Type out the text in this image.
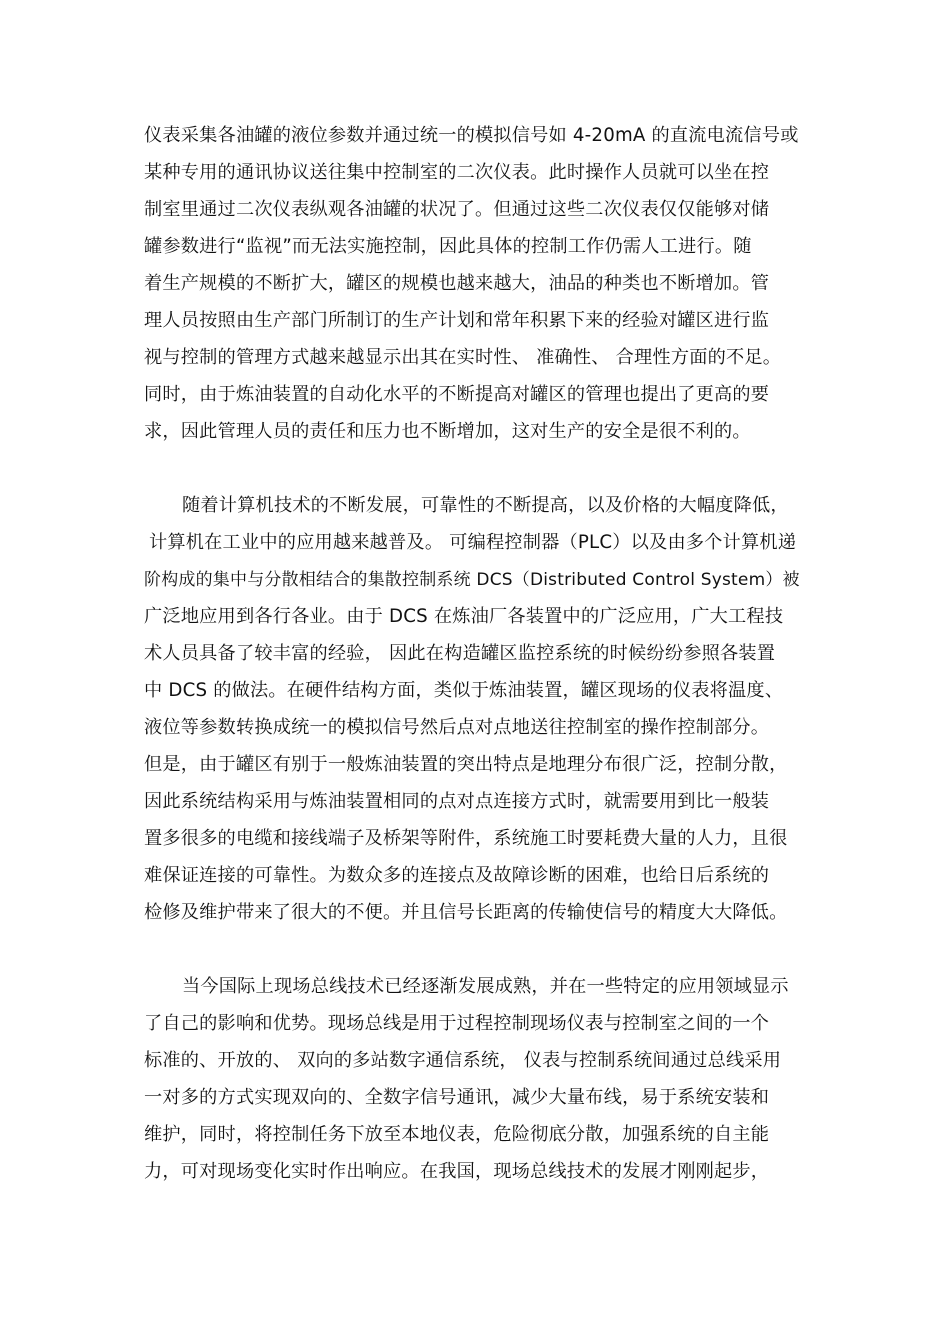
仪表采集各油罐的液位参数并通过统一的模拟信号如 4-20mA 的直流电流信号或
某种专用的通讯协议送往集中控制室的二次仪表。此时操作人员就可以坐在控
制室里通过二次仪表纵观各油罐的状况了。但通过这些二次仪表仅仅能够对储
罐参数进行“监视”而无法实施控制，因此具体的控制工作仍需人工进行。随
着生产规模的不断扩大，罐区的规模也越来越大，油品的种类也不断增加。管
理人员按照由生产部门所制订的生产计划和常年积累下来的经验对罐区进行监
视与控制的管理方式越来越显示出其在实时性、 准确性、 合理性方面的不足。
同时，由于炼油装置的自动化水平的不断提高对罐区的管理也提出了更高的要
求，因此管理人员的责任和压力也不断增加，这对生产的安全是很不利的。
随着计算机技术的不断发展，可靠性的不断提高，以及价格的大幅度降低，
计算机在工业中的应用越来越普及。 可编程控制器（PLC）以及由多个计算机递
阶构成的集中与分散相结合的集散控制系统 DCS（Distributed Control System）被
广泛地应用到各行各业。由于 DCS 在炼油厂各装置中的广泛应用，广大工程技
术人员具备了较丰富的经验， 因此在构造罐区监控系统的时候纷纷参照各装置
中 DCS 的做法。在硬件结构方面，类似于炼油装置，罐区现场的仪表将温度、
液位等参数转换成统一的模拟信号然后点对点地送往控制室的操作控制部分。
但是，由于罐区有别于一般炼油装置的突出特点是地理分布很广泛，控制分散，
因此系统结构采用与炼油装置相同的点对点连接方式时，就需要用到比一般装
置多很多的电缆和接线端子及桥架等附件，系统施工时要耗费大量的人力，且很
难保证连接的可靠性。为数众多的连接点及故障诊断的困难，也给日后系统的
检修及维护带来了很大的不便。并且信号长距离的传输使信号的精度大大降低。
当今国际上现场总线技术已经逐渐发展成熟，并在一些特定的应用领域显示
了自己的影响和优势。现场总线是用于过程控制现场仪表与控制室之间的一个
标准的、开放的、 双向的多站数字通信系统， 仪表与控制系统间通过总线采用
一对多的方式实现双向的、全数字信号通讯，减少大量布线，易于系统安装和
维护，同时，将控制任务下放至本地仪表，危险彻底分散，加强系统的自主能
力，可对现场变化实时作出响应。在我国，现场总线技术的发展才刚刚起步，
